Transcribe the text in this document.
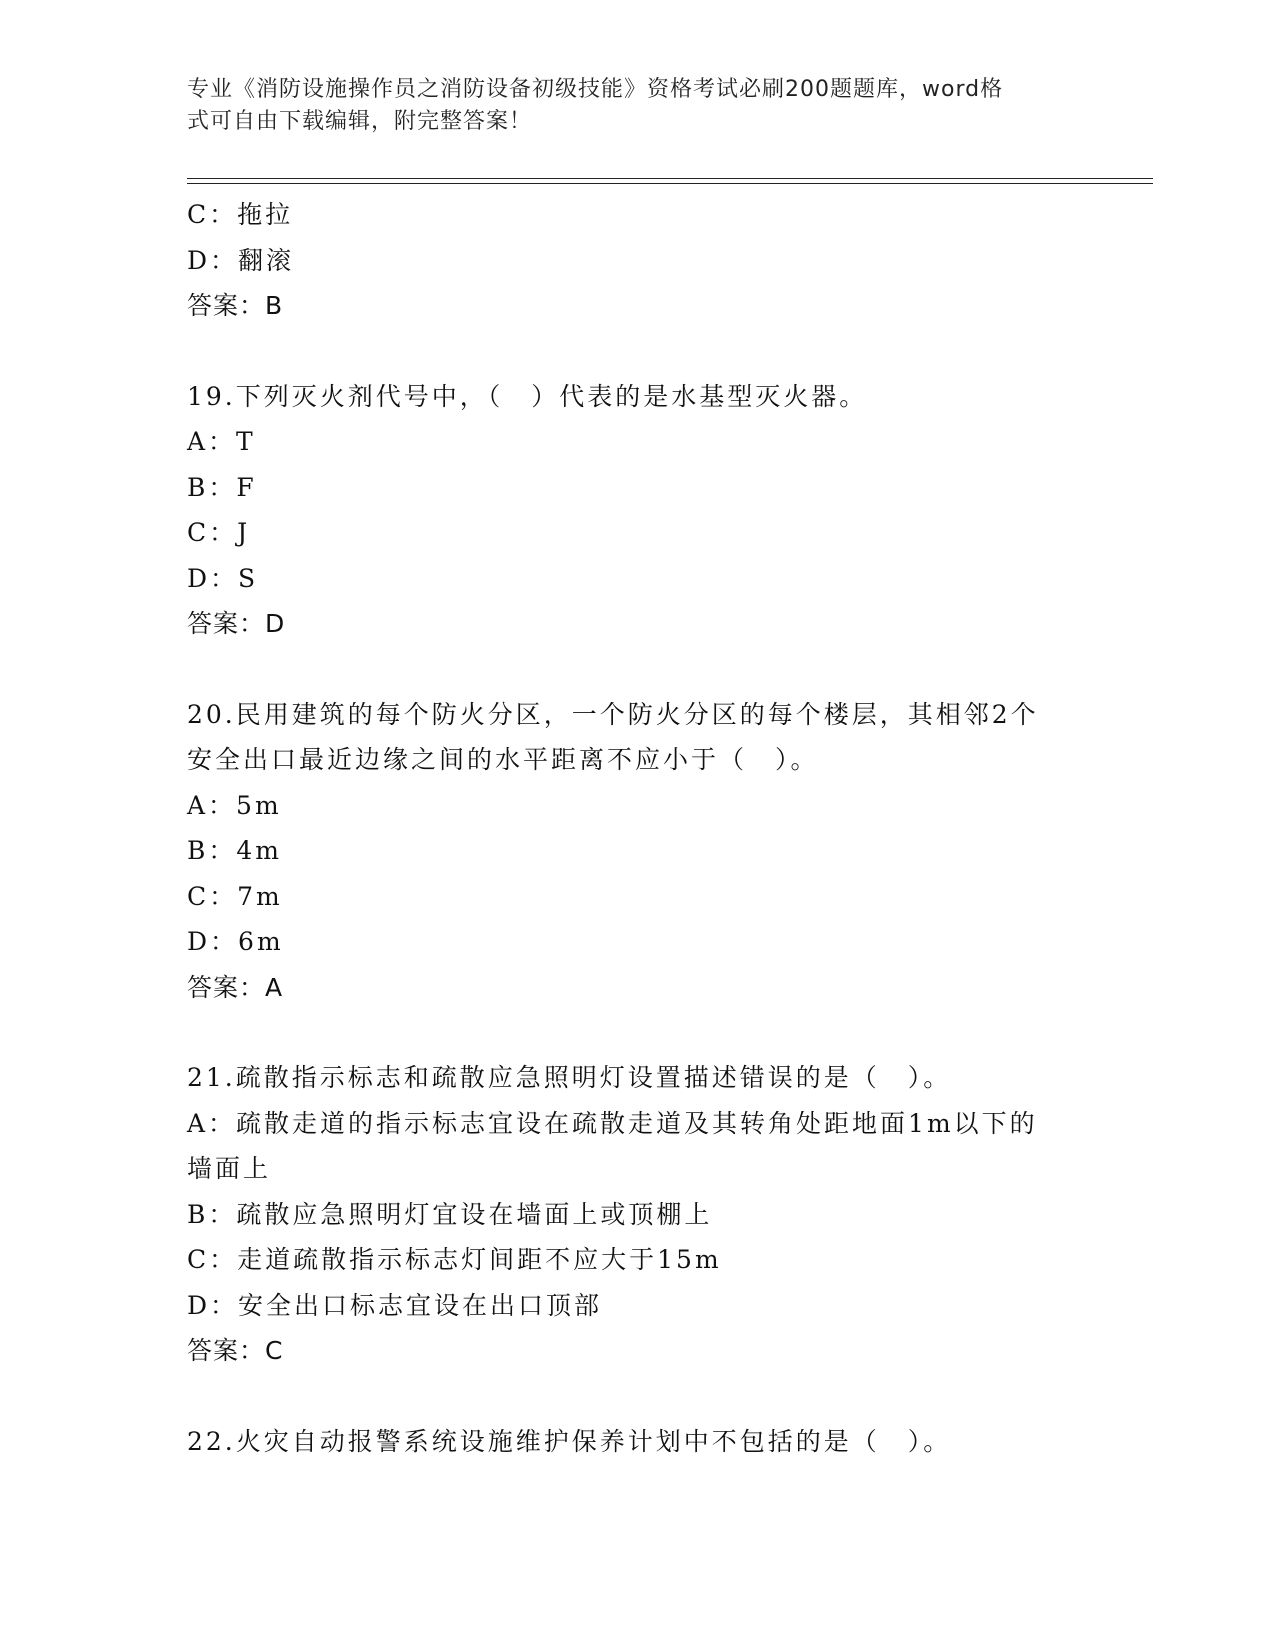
专业《消防设施操作员之消防设备初级技能》资格考试必刷200题题库，word格
式可自由下载编辑，附完整答案！
C：拖拉
D：翻滚
答案：B
19.下列灭火剂代号中，（　）代表的是水基型灭火器。
A：T
B：F
C：J
D：S
答案：D
20.民用建筑的每个防火分区，一个防火分区的每个楼层，其相邻2个
安全出口最近边缘之间的水平距离不应小于（　）。
A：5m
B：4m
C：7m
D：6m
答案：A
21.疏散指示标志和疏散应急照明灯设置描述错误的是（　）。
A：疏散走道的指示标志宜设在疏散走道及其转角处距地面1m以下的
墙面上
B：疏散应急照明灯宜设在墙面上或顶棚上
C：走道疏散指示标志灯间距不应大于15m
D：安全出口标志宜设在出口顶部
答案：C
22.火灾自动报警系统设施维护保养计划中不包括的是（　）。
